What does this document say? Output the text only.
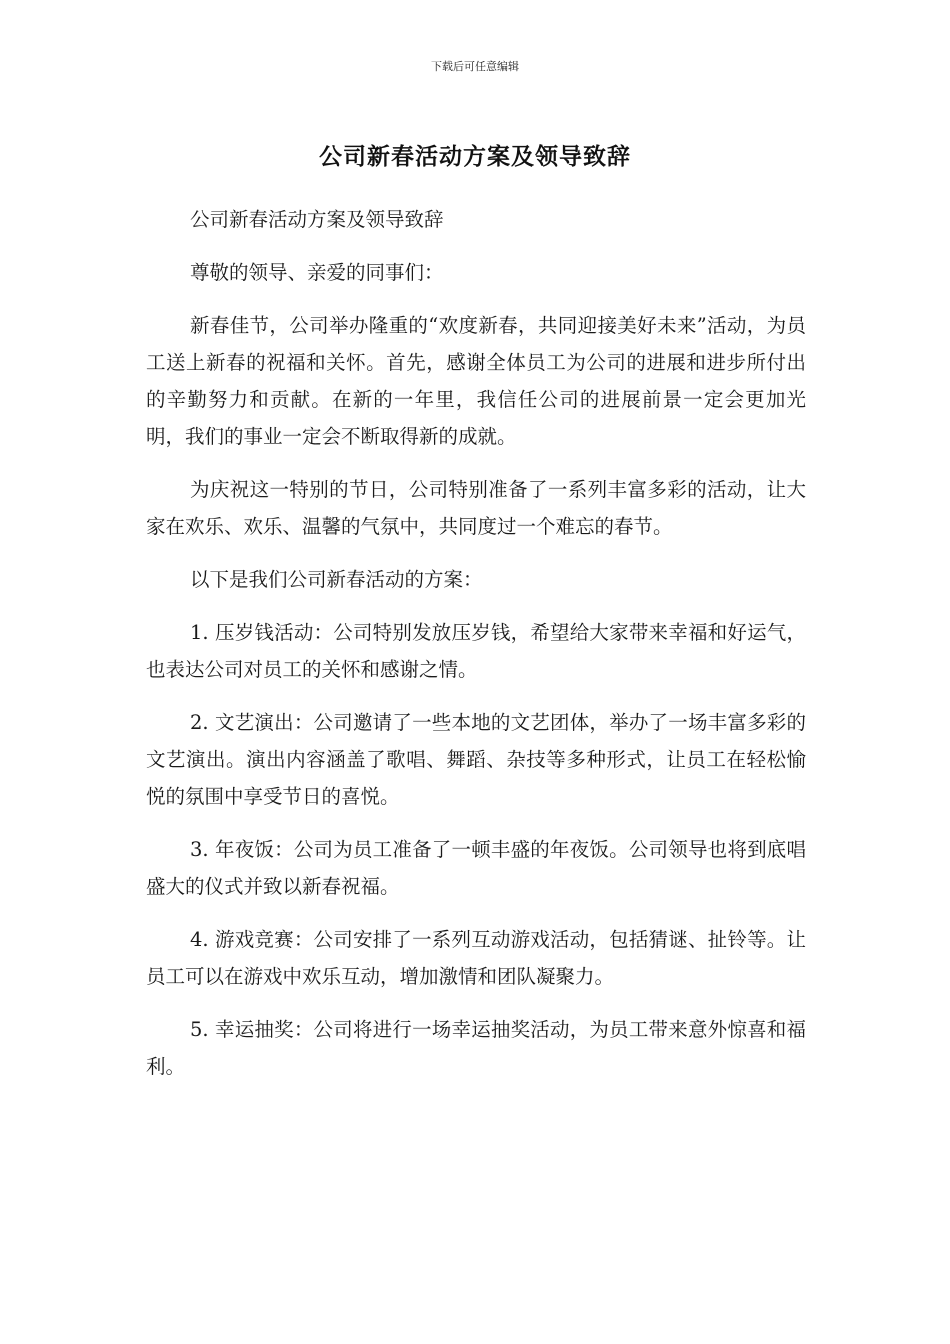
下载后可任意编辑
公司新春活动方案及领导致辞

公司新春活动方案及领导致辞

尊敬的领导、亲爱的同事们：

新春佳节，公司举办隆重的“欢度新春，共同迎接美好未来”活动，为员工送上新春的祝福和关怀。首先，感谢全体员工为公司的进展和进步所付出的辛勤努力和贡献。在新的一年里，我信任公司的进展前景一定会更加光明，我们的事业一定会不断取得新的成就。

为庆祝这一特别的节日，公司特别准备了一系列丰富多彩的活动，让大家在欢乐、欢乐、温馨的气氛中，共同度过一个难忘的春节。

以下是我们公司新春活动的方案：

1. 压岁钱活动：公司特别发放压岁钱，希望给大家带来幸福和好运气，也表达公司对员工的关怀和感谢之情。

2. 文艺演出：公司邀请了一些本地的文艺团体，举办了一场丰富多彩的文艺演出。演出内容涵盖了歌唱、舞蹈、杂技等多种形式，让员工在轻松愉悦的氛围中享受节日的喜悦。

3. 年夜饭：公司为员工准备了一顿丰盛的年夜饭。公司领导也将到底唱盛大的仪式并致以新春祝福。

4. 游戏竞赛：公司安排了一系列互动游戏活动，包括猜谜、扯铃等。让员工可以在游戏中欢乐互动，增加激情和团队凝聚力。

5. 幸运抽奖：公司将进行一场幸运抽奖活动，为员工带来意外惊喜和福利。
